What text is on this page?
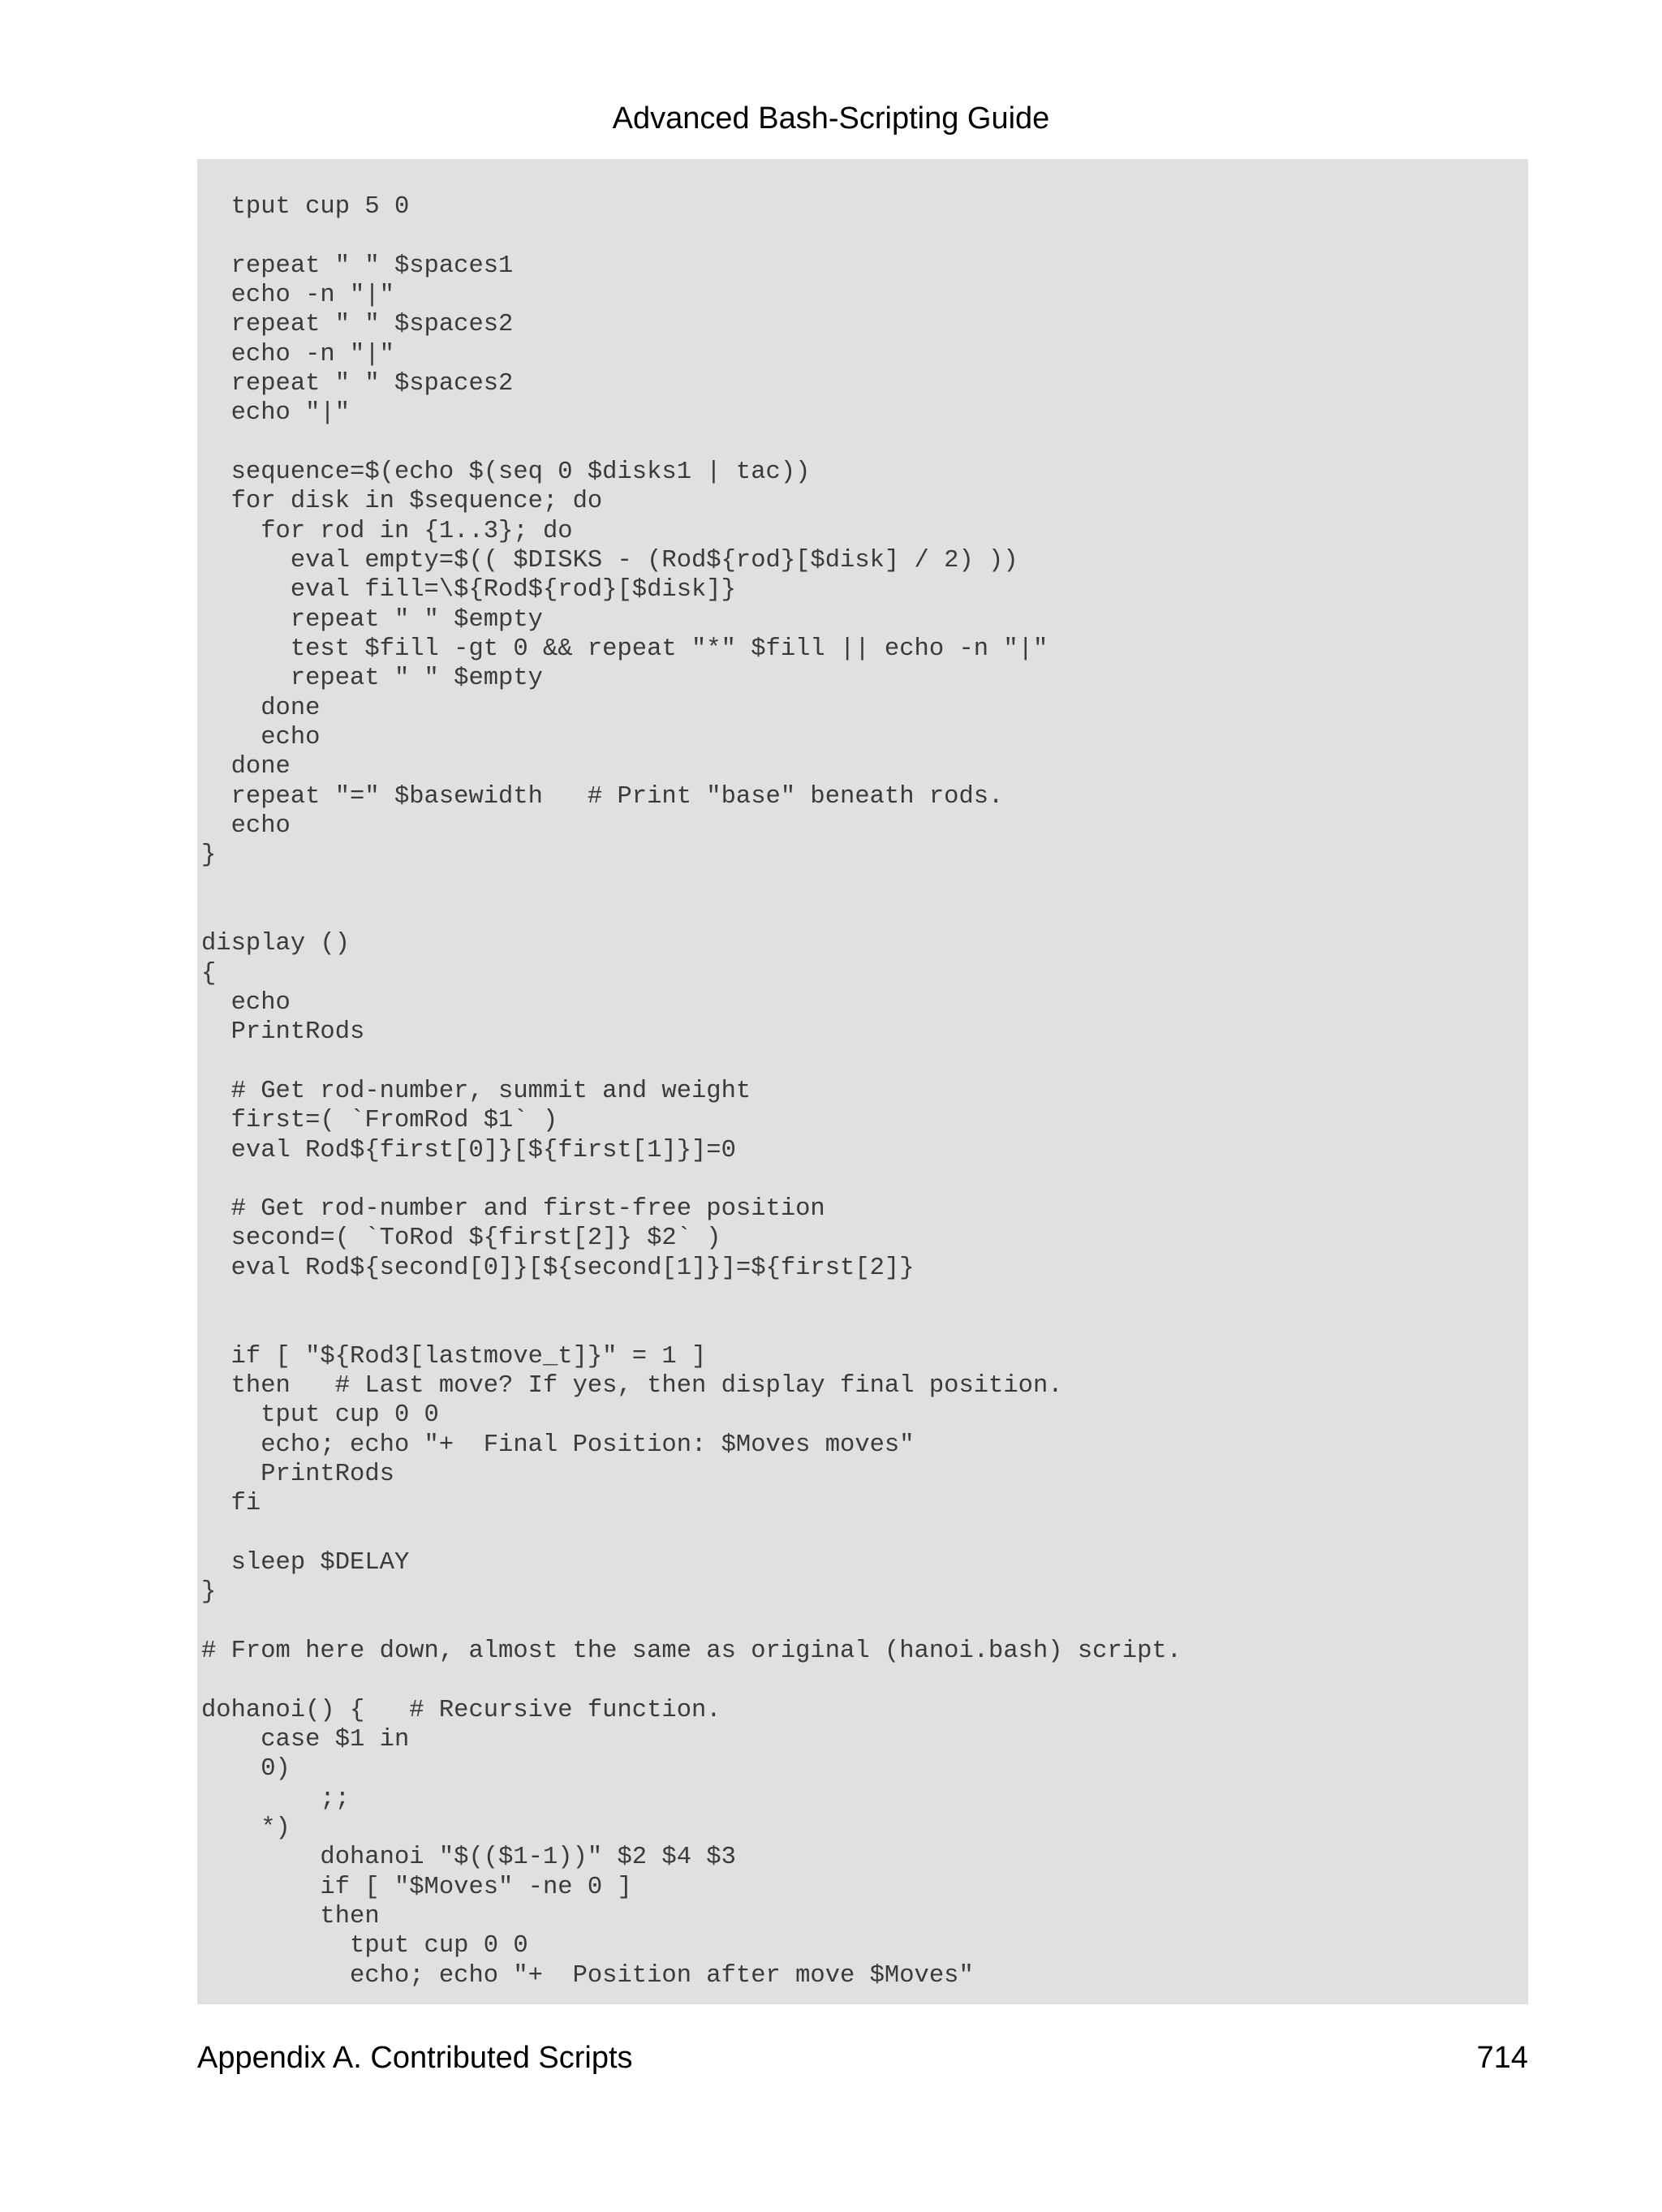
Advanced Bash-Scripting Guide
tput cup 5 0
repeat " " $spaces1
echo -n "|"
repeat " " $spaces2
echo -n "|"
repeat " " $spaces2
echo "|"
sequence=$(echo $(seq 0 $disks1 | tac))
for disk in $sequence; do
for rod in {1..3}; do
eval empty=$(( $DISKS - (Rod${rod}[$disk] / 2) ))
eval fill=\${Rod${rod}[$disk]}
repeat " " $empty
test $fill -gt 0 && repeat "*" $fill || echo -n "|"
repeat " " $empty
done
echo
done
repeat "=" $basewidth   # Print "base" beneath rods.
echo
}
display ()
{
echo
PrintRods
# Get rod-number, summit and weight
first=( `FromRod $1` )
eval Rod${first[0]}[${first[1]}]=0
# Get rod-number and first-free position
second=( `ToRod ${first[2]} $2` )
eval Rod${second[0]}[${second[1]}]=${first[2]}
if [ "${Rod3[lastmove_t]}" = 1 ]
then   # Last move? If yes, then display final position.
tput cup 0 0
echo; echo "+  Final Position: $Moves moves"
PrintRods
fi
sleep $DELAY
}
# From here down, almost the same as original (hanoi.bash) script.
dohanoi() {   # Recursive function.
case $1 in
0)
;;
*)
dohanoi "$(($1-1))" $2 $4 $3
if [ "$Moves" -ne 0 ]
then
tput cup 0 0
echo; echo "+  Position after move $Moves"
Appendix A. Contributed Scripts	714
